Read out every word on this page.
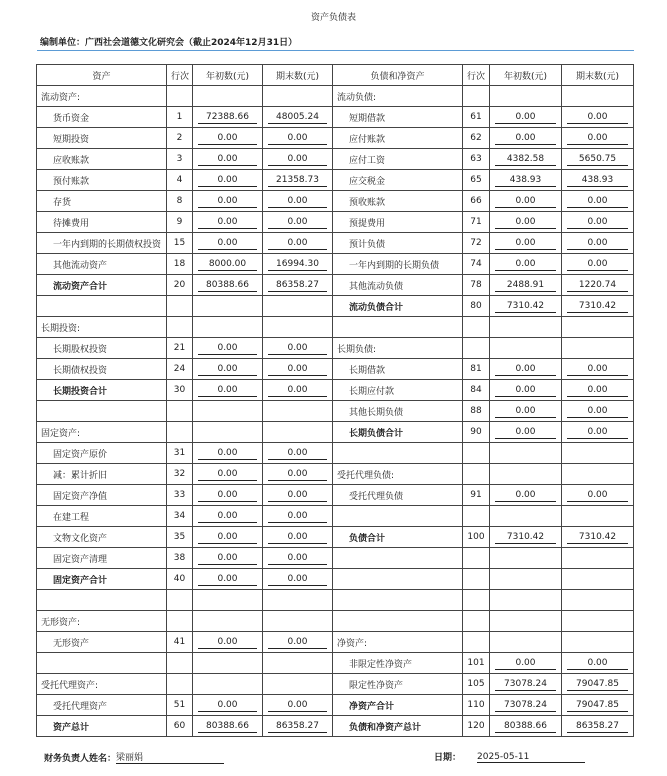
资产负债表
编制单位：广西社会道德文化研究会（截止2024年12月31日）
资产	行次	年初数(元)	期末数(元)	负债和净资产	行次	年初数(元)	期末数(元)
流动资产:				流动负债:			
货币资金	1	72388.66	48005.24	短期借款	61	0.00	0.00

短期投资	2	0.00	0.00	应付账款	62	0.00	0.00

应收账款	3	0.00	0.00	应付工资	63	4382.58	5650.75

预付账款	4	0.00	21358.73	应交税金	65	438.93	438.93

存货	8	0.00	0.00	预收账款	66	0.00	0.00

待摊费用	9	0.00	0.00	预提费用	71	0.00	0.00

一年内到期的长期债权投资	15	0.00	0.00	预计负债	72	0.00	0.00

其他流动资产	18	8000.00	16994.30	一年内到期的长期负债	74	0.00	0.00

流动资产合计	20	80388.66	86358.27	其他流动负债	78	2488.91	1220.74

				流动负债合计	80	7310.42	7310.42

长期投资:							
长期股权投资	21	0.00	0.00	长期负债:			
长期债权投资	24	0.00	0.00	长期借款	81	0.00	0.00

长期投资合计	30	0.00	0.00	长期应付款	84	0.00	0.00

				其他长期负债	88	0.00	0.00

固定资产:				长期负债合计	90	0.00	0.00

固定资产原价	31	0.00	0.00				

减：累计折旧	32	0.00	0.00	受托代理负债:			
固定资产净值	33	0.00	0.00	受托代理负债	91	0.00	0.00

在建工程	34	0.00	0.00				

文物文化资产	35	0.00	0.00	负债合计	100	7310.42	7310.42

固定资产清理	38	0.00	0.00				

固定资产合计	40	0.00	0.00				

无形资产:							
无形资产	41	0.00	0.00	净资产:			
				非限定性净资产	101	0.00	0.00

受托代理资产:				限定性净资产	105	73078.24	79047.85

受托代理资产	51	0.00	0.00	净资产合计	110	73078.24	79047.85

资产总计	60	80388.66	86358.27	负债和净资产总计	120	80388.66	86358.27
财务负责人姓名：梁丽娟	日期： 2025-05-11
